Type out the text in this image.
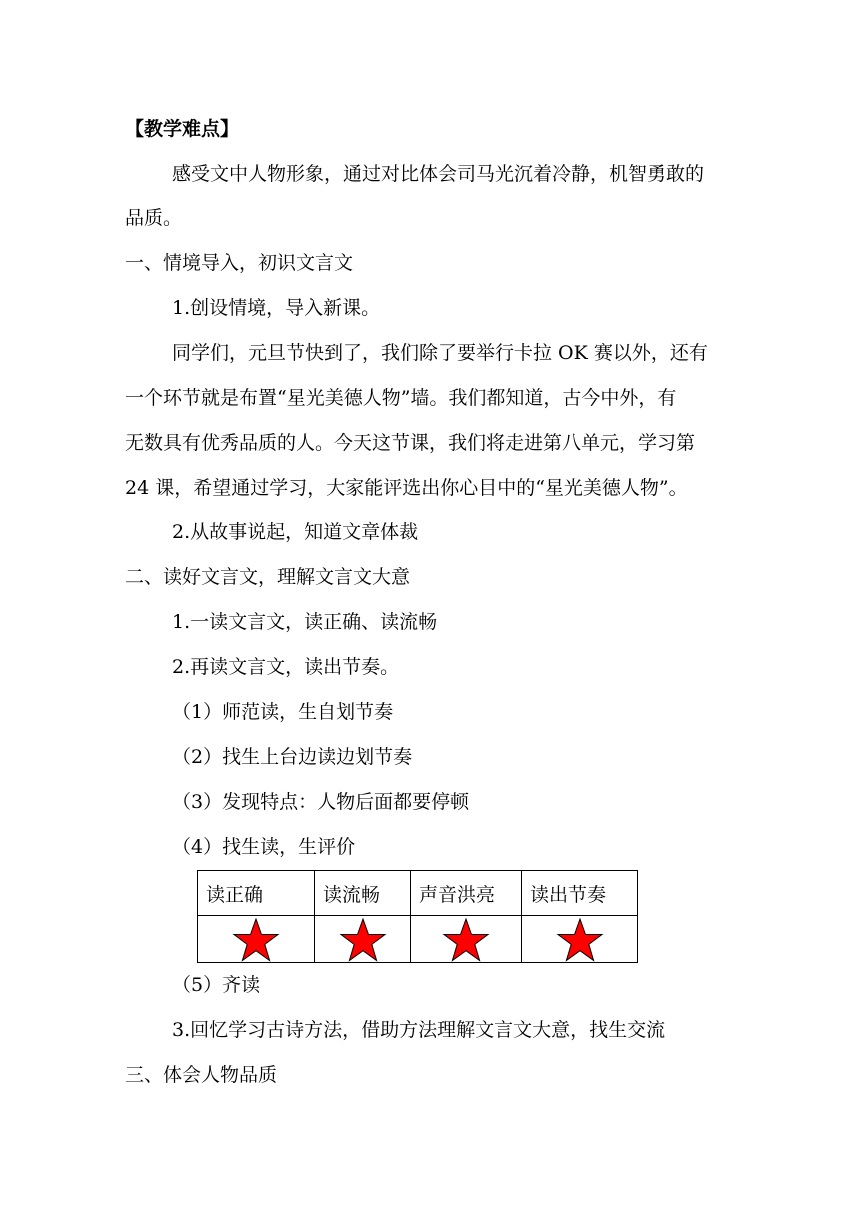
【教学难点】
感受文中人物形象，通过对比体会司马光沉着冷静，机智勇敢的
品质。
一、情境导入，初识文言文
1.创设情境，导入新课。
同学们，元旦节快到了，我们除了要举行卡拉 OK 赛以外，还有
一个环节就是布置“星光美德人物”墙。我们都知道，古今中外，有
无数具有优秀品质的人。今天这节课，我们将走进第八单元，学习第
24 课，希望通过学习，大家能评选出你心目中的“星光美德人物”。
2.从故事说起，知道文章体裁
二、读好文言文，理解文言文大意
1.一读文言文，读正确、读流畅
2.再读文言文，读出节奏。
（1）师范读，生自划节奏
（2）找生上台边读边划节奏
（3）发现特点：人物后面都要停顿
（4）找生读，生评价
读正确	读流畅	声音洪亮	读出节奏

（5）齐读
3.回忆学习古诗方法，借助方法理解文言文大意，找生交流
三、体会人物品质
